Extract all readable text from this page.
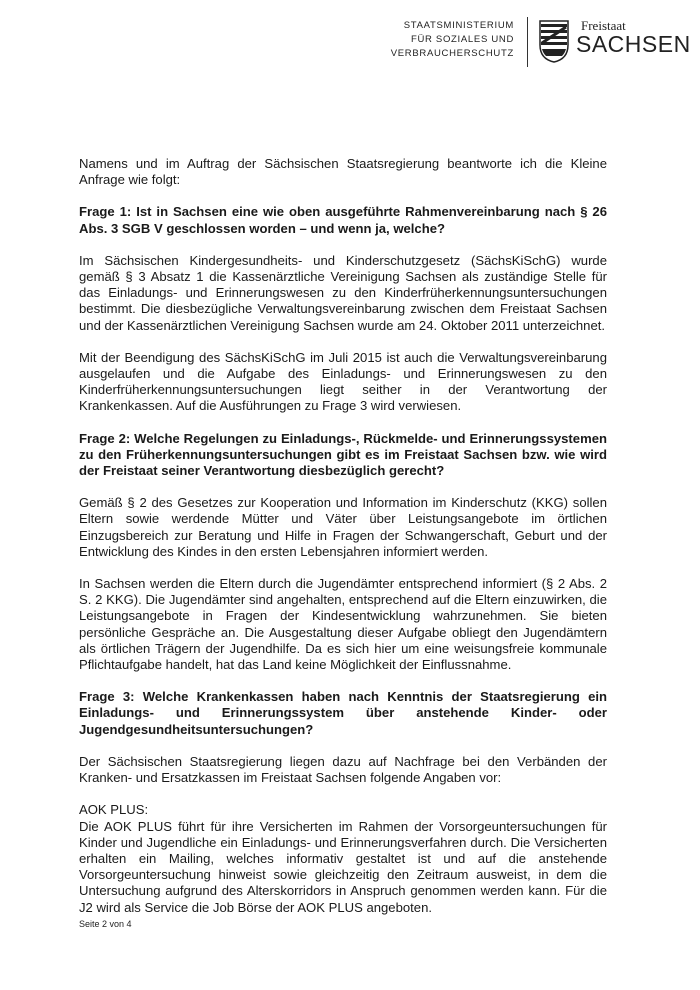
STAATSMINISTERIUM
FÜR SOZIALES UND
VERBRAUCHERSCHUTZ
Freistaat
SACHSEN

Namens und im Auftrag der Sächsischen Staatsregierung beantworte ich die Kleine Anfrage wie folgt:

Frage 1: Ist in Sachsen eine wie oben ausgeführte Rahmenvereinbarung nach § 26 Abs. 3 SGB V geschlossen worden – und wenn ja, welche?

Im Sächsischen Kindergesundheits- und Kinderschutzgesetz (SächsKiSchG) wurde gemäß § 3 Absatz 1 die Kassenärztliche Vereinigung Sachsen als zuständige Stelle für das Einladungs- und Erinnerungswesen zu den Kinderfrüherkennungsuntersuchungen bestimmt. Die diesbezügliche Verwaltungsvereinbarung zwischen dem Freistaat Sachsen und der Kassenärztlichen Vereinigung Sachsen wurde am 24. Oktober 2011 unterzeichnet.

Mit der Beendigung des SächsKiSchG im Juli 2015 ist auch die Verwaltungsvereinbarung ausgelaufen und die Aufgabe des Einladungs- und Erinnerungswesen zu den Kinderfrüherkennungsuntersuchungen liegt seither in der Verantwortung der Krankenkassen. Auf die Ausführungen zu Frage 3 wird verwiesen.

Frage 2: Welche Regelungen zu Einladungs-, Rückmelde- und Erinnerungssystemen zu den Früherkennungsuntersuchungen gibt es im Freistaat Sachsen bzw. wie wird der Freistaat seiner Verantwortung diesbezüglich gerecht?

Gemäß § 2 des Gesetzes zur Kooperation und Information im Kinderschutz (KKG) sollen Eltern sowie werdende Mütter und Väter über Leistungsangebote im örtlichen Einzugsbereich zur Beratung und Hilfe in Fragen der Schwangerschaft, Geburt und der Entwicklung des Kindes in den ersten Lebensjahren informiert werden.

In Sachsen werden die Eltern durch die Jugendämter entsprechend informiert (§ 2 Abs. 2 S. 2 KKG). Die Jugendämter sind angehalten, entsprechend auf die Eltern einzuwirken, die Leistungsangebote in Fragen der Kindesentwicklung wahrzunehmen. Sie bieten persönliche Gespräche an. Die Ausgestaltung dieser Aufgabe obliegt den Jugendämtern als örtlichen Trägern der Jugendhilfe. Da es sich hier um eine weisungsfreie kommunale Pflichtaufgabe handelt, hat das Land keine Möglichkeit der Einflussnahme.

Frage 3: Welche Krankenkassen haben nach Kenntnis der Staatsregierung ein Einladungs- und Erinnerungssystem über anstehende Kinder- oder Jugendgesundheitsuntersuchungen?

Der Sächsischen Staatsregierung liegen dazu auf Nachfrage bei den Verbänden der Kranken- und Ersatzkassen im Freistaat Sachsen folgende Angaben vor:

AOK PLUS:

Die AOK PLUS führt für ihre Versicherten im Rahmen der Vorsorgeuntersuchungen für Kinder und Jugendliche ein Einladungs- und Erinnerungsverfahren durch. Die Versicherten erhalten ein Mailing, welches informativ gestaltet ist und auf die anstehende Vorsorgeuntersuchung hinweist sowie gleichzeitig den Zeitraum ausweist, in dem die Untersuchung aufgrund des Alterskorridors in Anspruch genommen werden kann. Für die J2 wird als Service die Job Börse der AOK PLUS angeboten.

Seite 2 von 4
